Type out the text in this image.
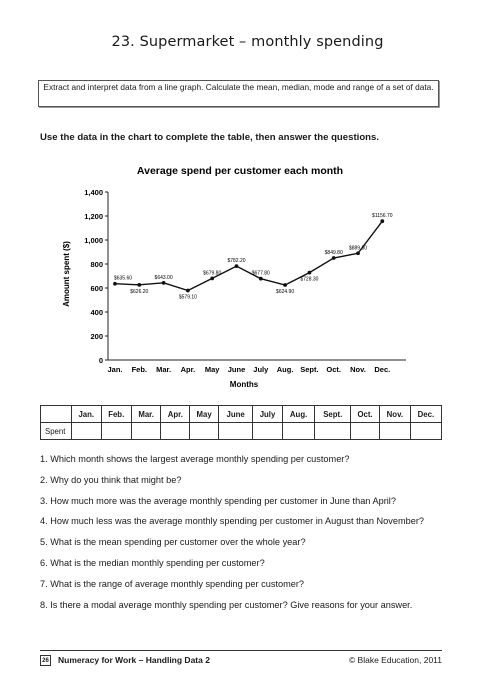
23. Supermarket – monthly spending
Extract and interpret data from a line graph. Calculate the mean, median, mode and range of a set of data.
Use the data in the chart to complete the table, then answer the questions.
Average spend per customer each month
Amount spent ($)
Months
0
200
400
600
800
1,000
1,200
1,400
Jan. Feb. Mar. Apr. May June July Aug. Sept. Oct. Nov. Dec.
$635.60
$626.20
$643.00
$579.10
$679.80
$782.20
$677.80
$624.90
$728.30
$849.80
$889.30
$1156.70
	Jan.	Feb.	Mar.	Apr.	May	June	July	Aug.	Sept.	Oct.	Nov.	Dec.
Spent												
1. Which month shows the largest average monthly spending per customer?
2. Why do you think that might be?
3. How much more was the average monthly spending per customer in June than April?
4. How much less was the average monthly spending per customer in August than November?
5. What is the mean spending per customer over the whole year?
6. What is the median monthly spending per customer?
7. What is the range of average monthly spending per customer?
8. Is there a modal average monthly spending per customer? Give reasons for your answer.
26 Numeracy for Work – Handling Data 2	© Blake Education, 2011
